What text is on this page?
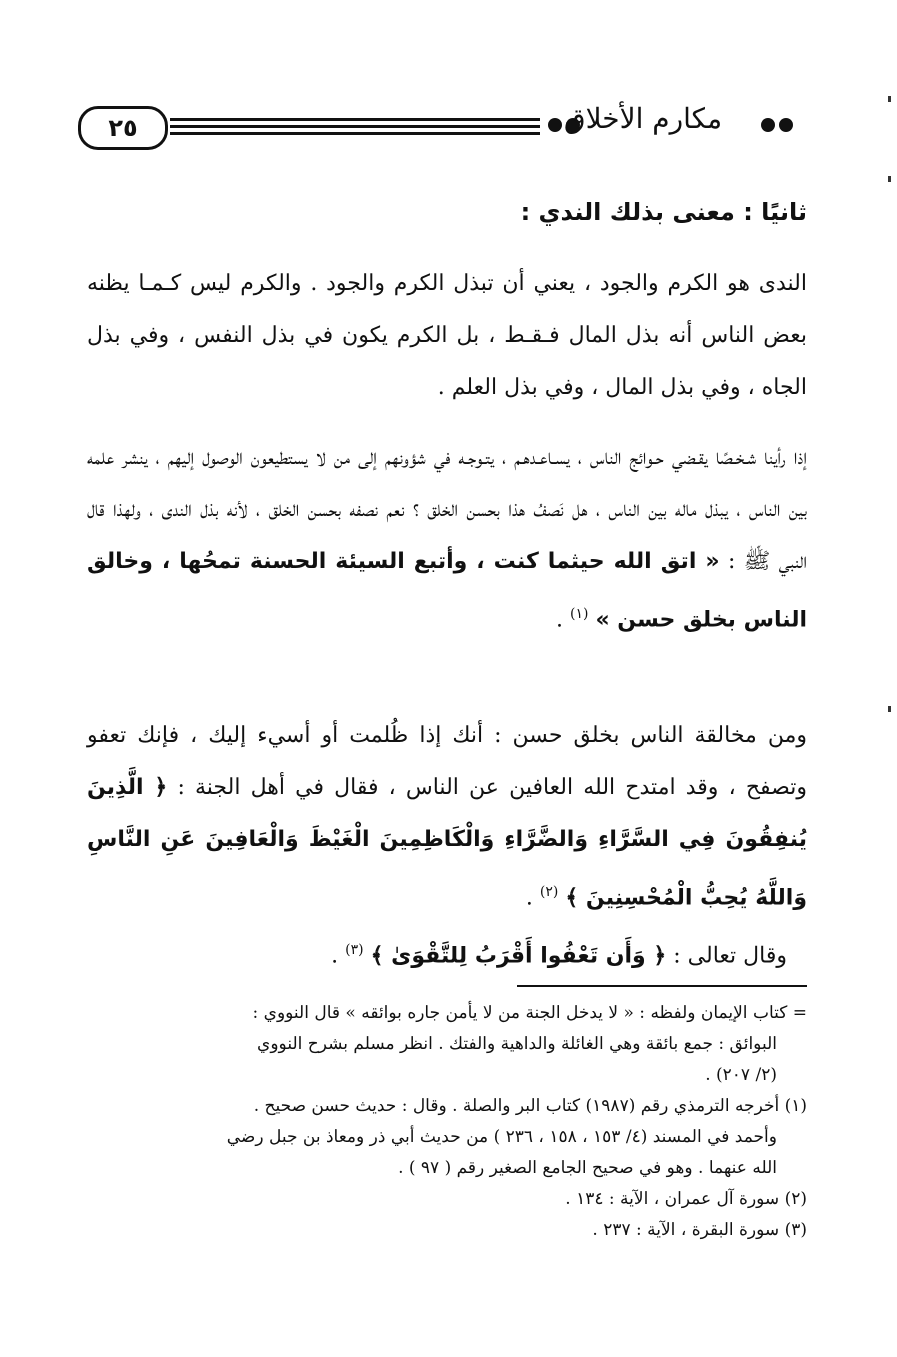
٢٥	مكارم الأخلاق
ثانيًا : معنى بذلك الندي :
الندى هو الكرم والجود ، يعني أن تبذل الكرم والجود . والكرم ليس كـمـا يظنه بعض الناس أنه بذل المال فـقـط ، بل الكرم يكون في بذل النفس ، وفي بذل الجاه ، وفي بذل المال ، وفي بذل العلم .
إذا رأينا شـخـصًا يقـضي حـوائج الناس ، يسـاعـدهـم ، يتـوجـه في شؤونهم إلى من لا يستطيعون الوصول إليهم ، ينشر علمه بين الناس ، يبذل ماله بين الناس ، هل نَصفُ هذا بحسن الخلق ؟ نعم نصفه بحسن الخلق ، لأنه بذل الندى ، ولهذا قال النبي ﷺ : « اتق الله حيثما كنت ، وأتبع السيئة الحسنة تمحُها ، وخالق الناس بخلق حسن » $^{(١)}$ .
ومن مخالقة الناس بخلق حسن : أنك إذا ظُلمت أو أسيء إليك ، فإنك تعفو وتصفح ، وقد امتدح الله العافين عن الناس ، فقال في أهل الجنة : ﴿ الَّذِينَ يُنفِقُونَ فِي السَّرَّاءِ وَالضَّرَّاءِ وَالْكَاظِمِينَ الْغَيْظَ وَالْعَافِينَ عَنِ النَّاسِ وَاللَّهُ يُحِبُّ الْمُحْسِنِينَ ﴾ $^{(٢)}$ .
وقال تعالى : ﴿ وَأَن تَعْفُوا أَقْرَبُ لِلتَّقْوَىٰ ﴾ $^{(٣)}$ .

= كتاب الإيمان ولفظه : « لا يدخل الجنة من لا يأمن جاره بوائقه » قال النووي :

البوائق : جمع بائقة وهي الغائلة والداهية والفتك . انظر مسلم بشرح النووي

(٢/ ٢٠٧) .

(١) أخرجه الترمذي رقم (١٩٨٧) كتاب البر والصلة . وقال : حديث حسن صحيح .

وأحمد في المسند (٤/ ١٥٣ ، ١٥٨ ، ٢٣٦ ) من حديث أبي ذر ومعاذ بن جبل رضي

الله عنهما . وهو في صحيح الجامع الصغير رقم ( ٩٧ ) .

(٢) سورة آل عمران ، الآية : ١٣٤ .

(٣) سورة البقرة ، الآية : ٢٣٧ .
